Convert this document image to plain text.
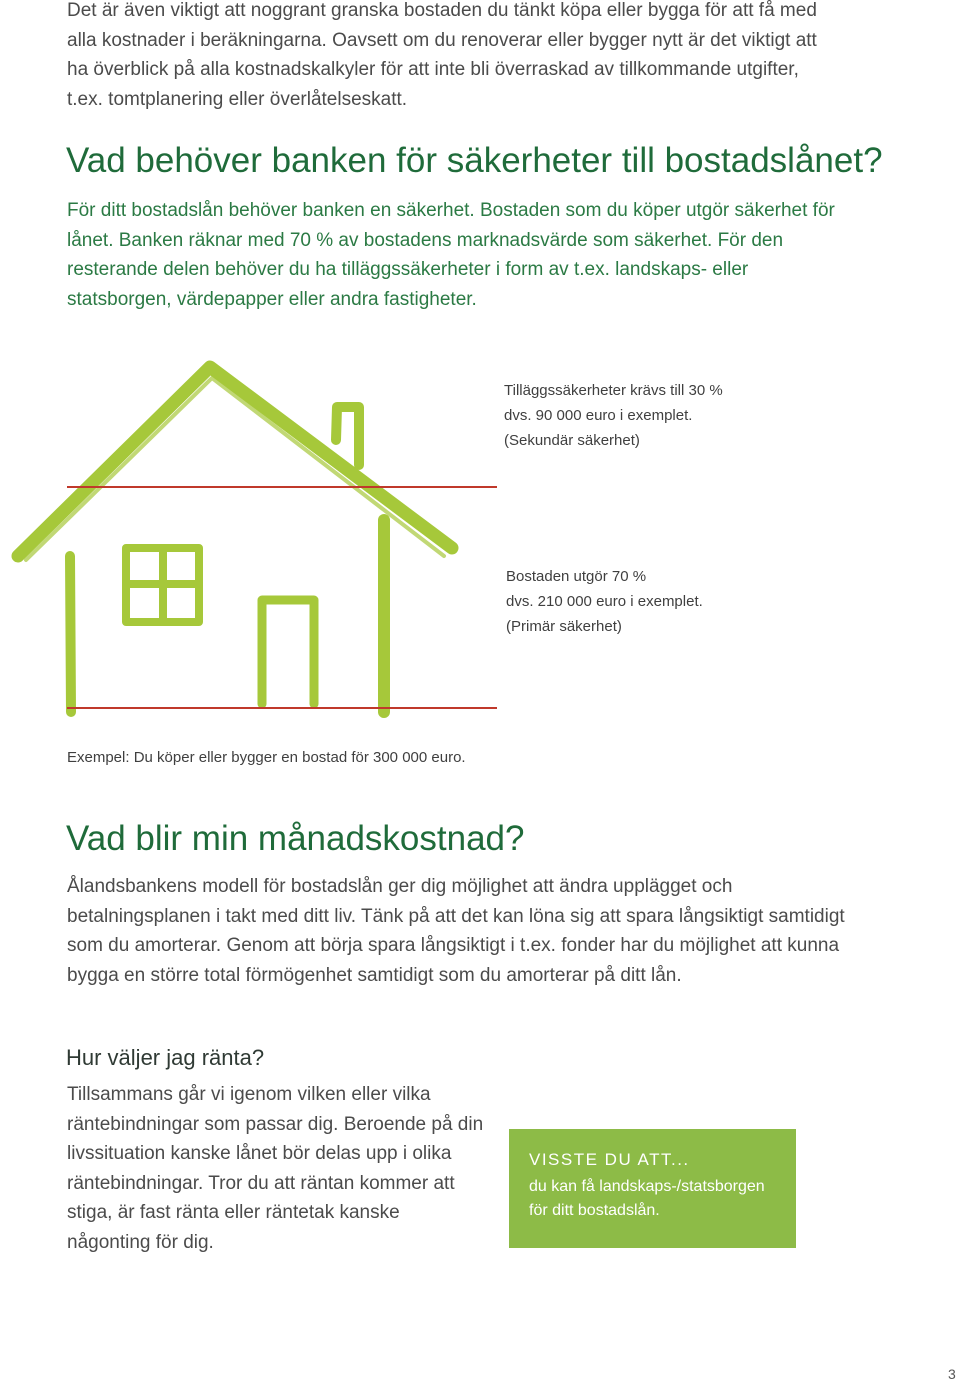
Det är även viktigt att noggrant granska bostaden du tänkt köpa eller bygga för att få med alla kostnader i beräkningarna. Oavsett om du renoverar eller bygger nytt är det viktigt att ha överblick på alla kostnadskalkyler för att inte bli överraskad av tillkommande utgifter, t.ex. tomtplanering eller överlåtelseskatt.

Vad behöver banken för säkerheter till bostadslånet?

För ditt bostadslån behöver banken en säkerhet. Bostaden som du köper utgör säkerhet för lånet. Banken räknar med 70 % av bostadens marknadsvärde som säkerhet. För den resterande delen behöver du ha tilläggssäkerheter i form av t.ex. landskaps- eller statsborgen, värdepapper eller andra fastigheter.

Tilläggssäkerheter krävs till 30 %
dvs. 90 000 euro i exemplet.
(Sekundär säkerhet)
Bostaden utgör 70 %
dvs. 210 000 euro i exemplet.
(Primär säkerhet)
Exempel: Du köper eller bygger en bostad för 300 000 euro.
Vad blir min månadskostnad?

Ålandsbankens modell för bostadslån ger dig möjlighet att ändra upplägget och betalningsplanen i takt med ditt liv. Tänk på att det kan löna sig att spara långsiktigt samtidigt som du amorterar. Genom att börja spara långsiktigt i t.ex. fonder har du möjlighet att kunna bygga en större total förmögenhet samtidigt som du amorterar på ditt lån.

Hur väljer jag ränta?

Tillsammans går vi igenom vilken eller vilka räntebindningar som passar dig. Beroende på din livssituation kanske lånet bör delas upp i olika räntebindningar. Tror du att räntan kommer att stiga, är fast ränta eller räntetak kanske någonting för dig.

VISSTE DU ATT...

du kan få landskaps-/statsborgen för ditt bostadslån.

3
